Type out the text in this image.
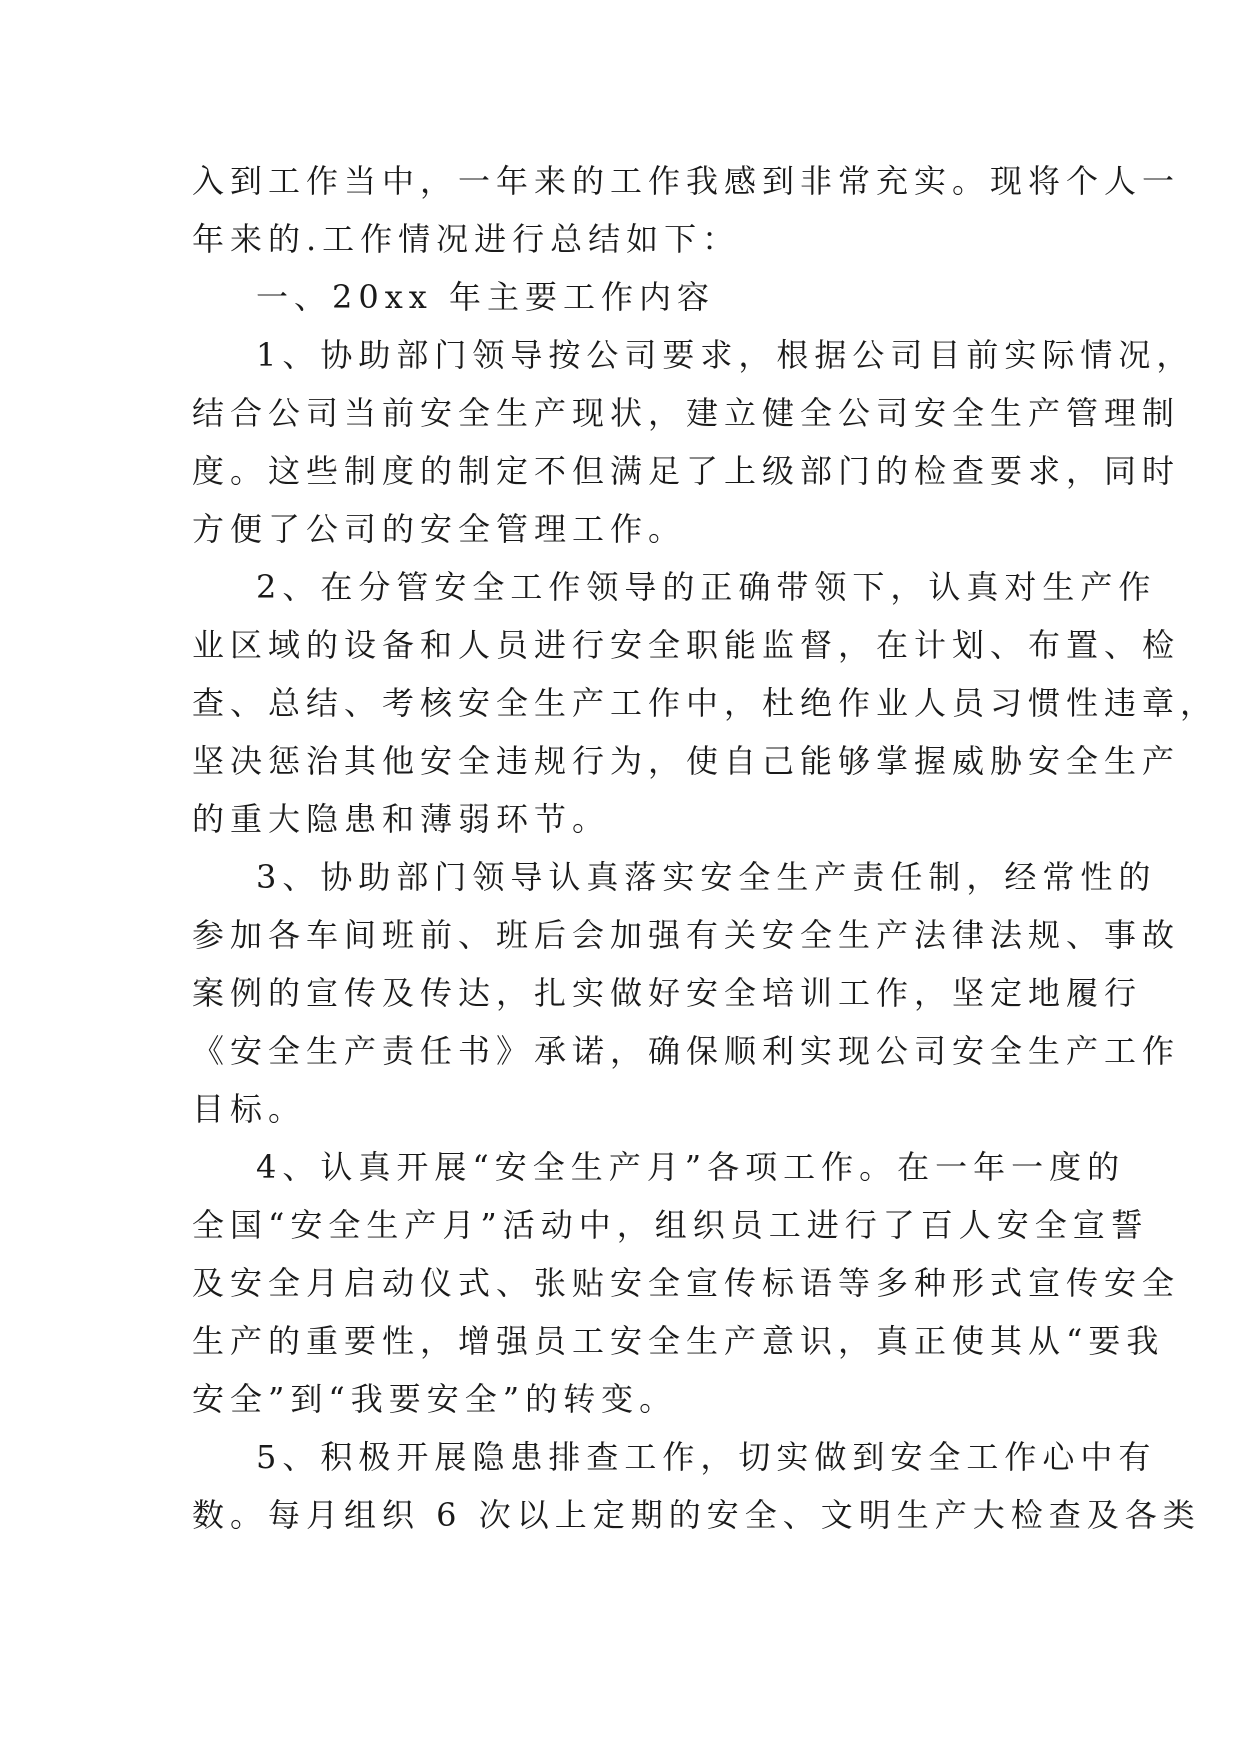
入到工作当中，一年来的工作我感到非常充实。现将个人一
年来的.工作情况进行总结如下：
一、20xx 年主要工作内容
1、协助部门领导按公司要求，根据公司目前实际情况，
结合公司当前安全生产现状，建立健全公司安全生产管理制
度。这些制度的制定不但满足了上级部门的检查要求，同时
方便了公司的安全管理工作。
2、在分管安全工作领导的正确带领下，认真对生产作
业区域的设备和人员进行安全职能监督，在计划、布置、检
查、总结、考核安全生产工作中，杜绝作业人员习惯性违章，
坚决惩治其他安全违规行为，使自己能够掌握威胁安全生产
的重大隐患和薄弱环节。
3、协助部门领导认真落实安全生产责任制，经常性的
参加各车间班前、班后会加强有关安全生产法律法规、事故
案例的宣传及传达，扎实做好安全培训工作，坚定地履行
《安全生产责任书》承诺，确保顺利实现公司安全生产工作
目标。
4、认真开展“安全生产月”各项工作。在一年一度的
全国“安全生产月”活动中，组织员工进行了百人安全宣誓
及安全月启动仪式、张贴安全宣传标语等多种形式宣传安全
生产的重要性，增强员工安全生产意识，真正使其从“要我
安全”到“我要安全”的转变。
5、积极开展隐患排查工作，切实做到安全工作心中有
数。每月组织 6 次以上定期的安全、文明生产大检查及各类
